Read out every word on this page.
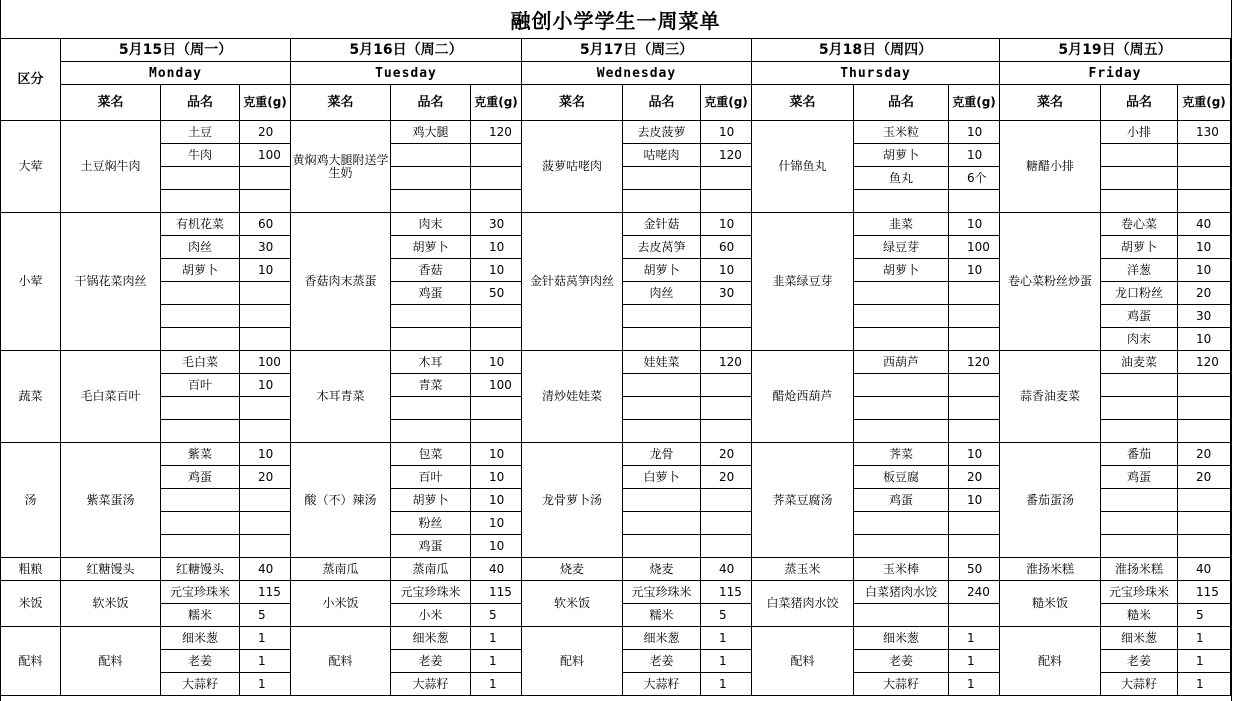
融创小学学生一周菜单
区分	5月15日（周一）			5月16日（周二）			5月17日（周三）			5月18日（周四）			5月19日（周五）		
	Monday			Tuesday			Wednesday			Thursday			Friday		
	菜名	品名	克重(g)	菜名	品名	克重(g)	菜名	品名	克重(g)	菜名	品名	克重(g)	菜名	品名	克重(g)
大荤	土豆焖牛肉	土豆	20	黄焖鸡大腿附送学生奶	鸡大腿	120	菠萝咕咾肉	去皮菠萝	10	什锦鱼丸	玉米粒	10	糖醋小排	小排	130
		牛肉	100					咕咾肉	120		胡萝卜	10			
											鱼丸	6个			

小荤	干锅花菜肉丝	有机花菜	60	香菇肉末蒸蛋	肉末	30	金针菇莴笋肉丝	金针菇	10	韭菜绿豆芽	韭菜	10	卷心菜粉丝炒蛋	卷心菜	40
		肉丝	30		胡萝卜	10		去皮莴笋	60		绿豆芽	100		胡萝卜	10
		胡萝卜	10		香菇	10		胡萝卜	10		胡萝卜	10		洋葱	10
					鸡蛋	50		肉丝	30					龙口粉丝	20
														鸡蛋	30
														肉末	10
蔬菜	毛白菜百叶	毛白菜	100	木耳青菜	木耳	10	清炒娃娃菜	娃娃菜	120	醋炝西葫芦	西葫芦	120	蒜香油麦菜	油麦菜	120
		百叶	10		青菜	100									

汤	紫菜蛋汤	紫菜	10	酸（不）辣汤	包菜	10	龙骨萝卜汤	龙骨	20	荠菜豆腐汤	荠菜	10	番茄蛋汤	番茄	20
		鸡蛋	20		百叶	10		白萝卜	20		板豆腐	20		鸡蛋	20
					胡萝卜	10					鸡蛋	10			
					粉丝	10									
					鸡蛋	10									
粗粮	红糖馒头	红糖馒头	40	蒸南瓜	蒸南瓜	40	烧麦	烧麦	40	蒸玉米	玉米棒	50	淮扬米糕	淮扬米糕	40
米饭	软米饭	元宝珍珠米	115	小米饭	元宝珍珠米	115	软米饭	元宝珍珠米	115	白菜猪肉水饺	白菜猪肉水饺	240	糙米饭	元宝珍珠米	115
		糯米	5		小米	5		糯米	5					糙米	5
配料	配料	细米葱	1	配料	细米葱	1	配料	细米葱	1	配料	细米葱	1	配料	细米葱	1
		老姜	1		老姜	1		老姜	1		老姜	1		老姜	1
		大蒜籽	1		大蒜籽	1		大蒜籽	1		大蒜籽	1		大蒜籽	1
